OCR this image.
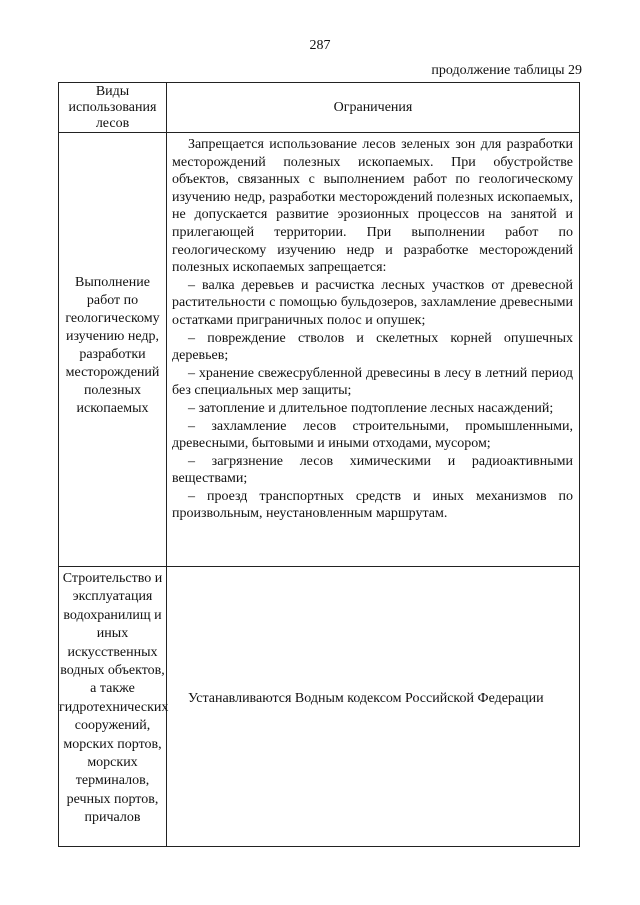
287
продолжение таблицы 29
Виды использования лесов
Ограничения
Выполнение работ по геологическому изучению недр, разработки месторождений полезных ископаемых
Запрещается использование лесов зеленых зон для разработки месторождений полезных ископаемых. При обустройстве объектов, связанных с выполнением работ по геологическому изучению недр, разработки месторождений полезных ископаемых, не допускается развитие эрозионных процессов на занятой и прилегающей территории. При выполнении работ по геологическому изучению недр и разработке месторождений полезных ископаемых запрещается:
– валка деревьев и расчистка лесных участков от древесной растительности с помощью бульдозеров, захламление древесными остатками приграничных полос и опушек;
– повреждение стволов и скелетных корней опушечных деревьев;
– хранение свежесрубленной древесины в лесу в летний период без специальных мер защиты;
– затопление и длительное подтопление лесных насаждений;
– захламление лесов строительными, промышленными, древесными, бытовыми и иными отходами, мусором;
– загрязнение лесов химическими и радиоактивными веществами;
– проезд транспортных средств и иных механизмов по произвольным, неустановленным маршрутам.
Строительство и эксплуатация водохранилищ и иных искусственных водных объектов, а также гидротехнических сооружений, морских портов, морских терминалов, речных портов, причалов
Устанавливаются Водным кодексом Российской Федерации
